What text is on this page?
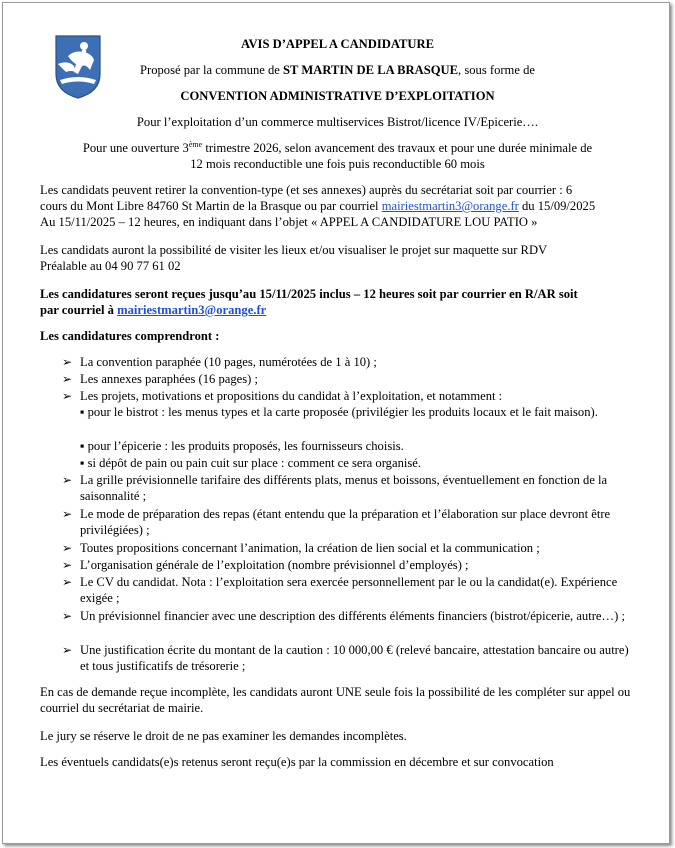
AVIS D’APPEL A CANDIDATURE
Proposé par la commune de ST MARTIN DE LA BRASQUE, sous forme de
CONVENTION ADMINISTRATIVE D’EXPLOITATION
Pour l’exploitation d’un commerce multiservices Bistrot/licence IV/Epicerie….
Pour une ouverture 3ème trimestre 2026, selon avancement des travaux et pour une durée minimale de
12 mois reconductible une fois puis reconductible 60 mois
Les candidats peuvent retirer la convention-type (et ses annexes) auprès du secrétariat soit par courrier : 6
cours du Mont Libre 84760 St Martin de la Brasque ou par courriel mairiestmartin3@orange.fr du 15/09/2025
Au 15/11/2025 – 12 heures, en indiquant dans l’objet « APPEL A CANDIDATURE LOU PATIO »
Les candidats auront la possibilité de visiter les lieux et/ou visualiser le projet sur maquette sur RDV
Préalable au 04 90 77 61 02
Les candidatures seront reçues jusqu’au 15/11/2025 inclus – 12 heures soit par courrier en R/AR soit
par courriel à mairiestmartin3@orange.fr
Les candidatures comprendront :
➢ La convention paraphée (10 pages, numérotées de 1 à 10) ;
➢ Les annexes paraphées (16 pages) ;
➢ Les projets, motivations et propositions du candidat à l’exploitation, et notamment :
▪ pour le bistrot : les menus types et la carte proposée (privilégier les produits locaux et le fait maison).
▪ pour l’épicerie : les produits proposés, les fournisseurs choisis.
▪ si dépôt de pain ou pain cuit sur place : comment ce sera organisé.
➢ La grille prévisionnelle tarifaire des différents plats, menus et boissons, éventuellement en fonction de la saisonnalité ;
➢ Le mode de préparation des repas (étant entendu que la préparation et l’élaboration sur place devront être privilégiées) ;
➢ Toutes propositions concernant l’animation, la création de lien social et la communication ;
➢ L’organisation générale de l’exploitation (nombre prévisionnel d’employés) ;
➢ Le CV du candidat. Nota : l’exploitation sera exercée personnellement par le ou la candidat(e). Expérience exigée ;
➢ Un prévisionnel financier avec une description des différents éléments financiers (bistrot/épicerie, autre…) ;
➢ Une justification écrite du montant de la caution : 10 000,00 € (relevé bancaire, attestation bancaire ou autre) et tous justificatifs de trésorerie ;
En cas de demande reçue incomplète, les candidats auront UNE seule fois la possibilité de les compléter sur appel ou courriel du secrétariat de mairie.
Le jury se réserve le droit de ne pas examiner les demandes incomplètes.
Les éventuels candidats(e)s retenus seront reçu(e)s par la commission en décembre et sur convocation
